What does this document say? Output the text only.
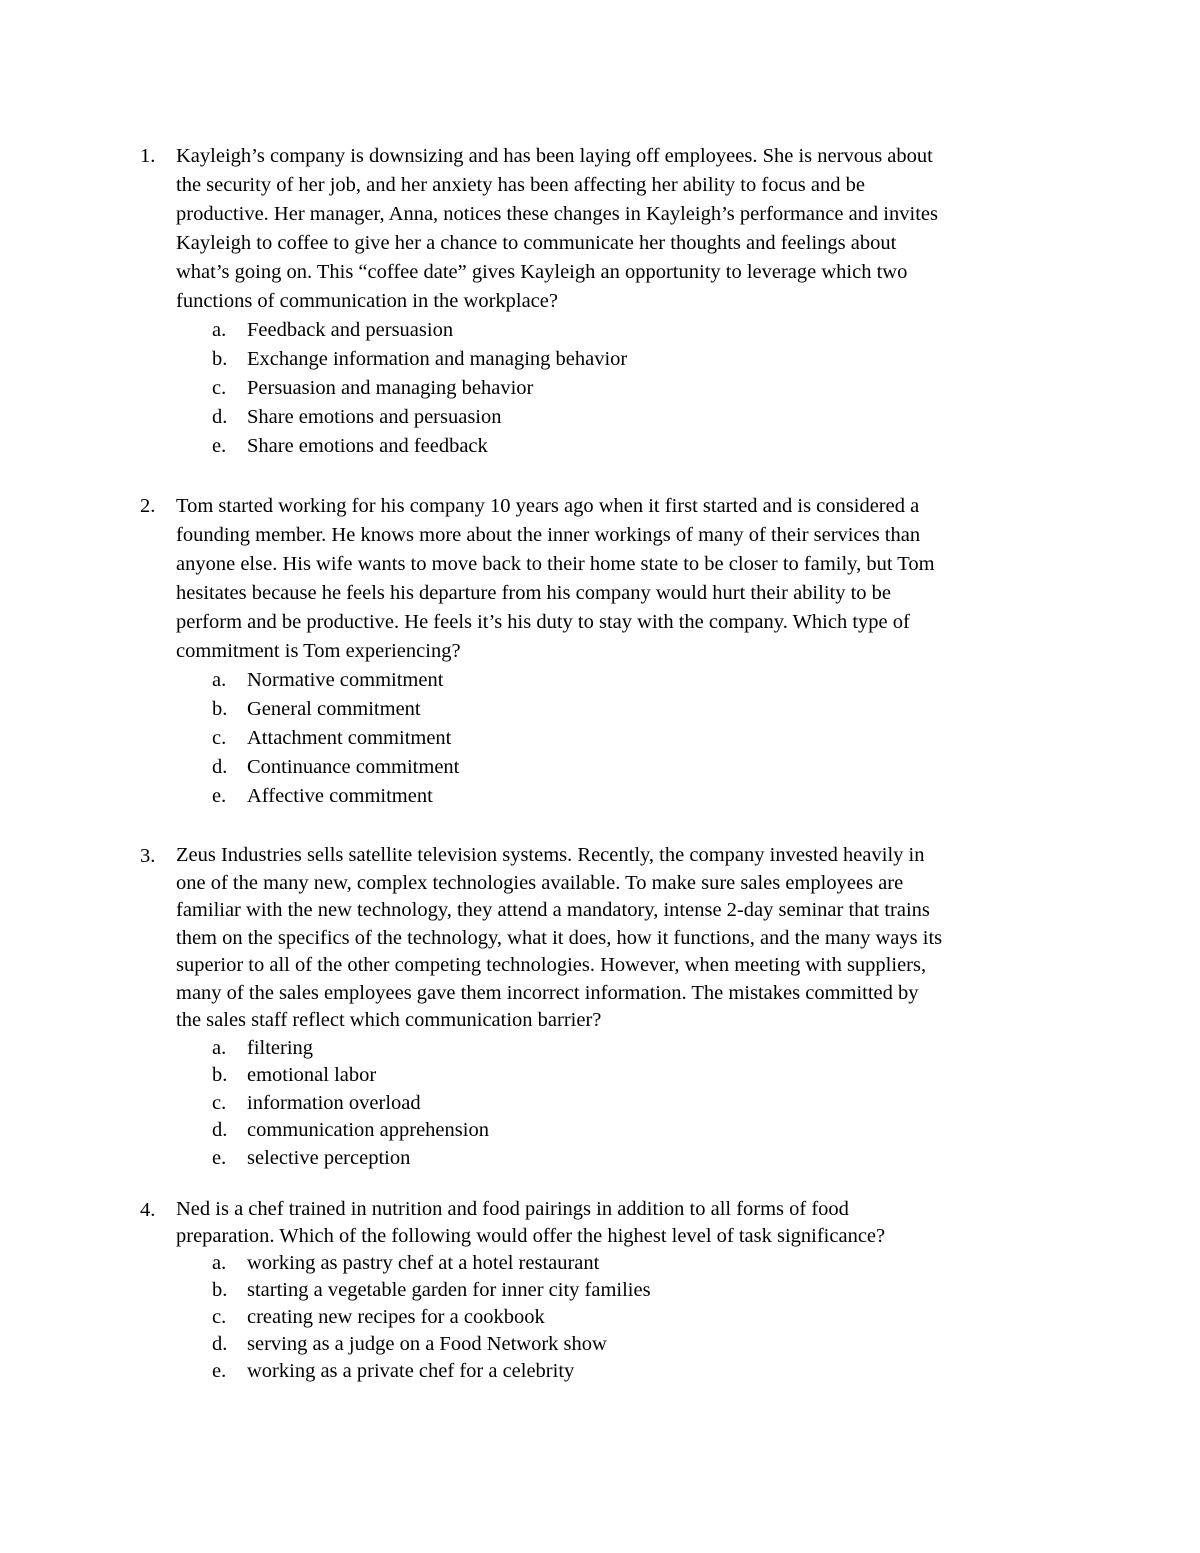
1.	Kayleigh’s company is downsizing and has been laying off employees. She is nervous about
the security of her job, and her anxiety has been affecting her ability to focus and be
productive. Her manager, Anna, notices these changes in Kayleigh’s performance and invites
Kayleigh to coffee to give her a chance to communicate her thoughts and feelings about
what’s going on. This “coffee date” gives Kayleigh an opportunity to leverage which two
functions of communication in the workplace?
a.	Feedback and persuasion
b. Exchange information and managing behavior
c.	Persuasion and managing behavior
d. Share emotions and persuasion
e.	Share emotions and feedback
2.	Tom started working for his company 10 years ago when it first started and is considered a
founding member. He knows more about the inner workings of many of their services than
anyone else. His wife wants to move back to their home state to be closer to family, but Tom
hesitates because he feels his departure from his company would hurt their ability to be
perform and be productive. He feels it’s his duty to stay with the company. Which type of
commitment is Tom experiencing?
a.	Normative commitment
b. General commitment
c.	Attachment commitment
d. Continuance commitment
e.	Affective commitment
3.	Zeus Industries sells satellite television systems. Recently, the company invested heavily in
one of the many new, complex technologies available. To make sure sales employees are
familiar with the new technology, they attend a mandatory, intense 2-day seminar that trains
them on the specifics of the technology, what it does, how it functions, and the many ways its
superior to all of the other competing technologies. However, when meeting with suppliers,
many of the sales employees gave them incorrect information. The mistakes committed by
the sales staff reflect which communication barrier?
a.	filtering
b. emotional labor
c.	information overload
d. communication apprehension
e.	selective perception
4.	Ned is a chef trained in nutrition and food pairings in addition to all forms of food
preparation. Which of the following would offer the highest level of task significance?
a.	working as pastry chef at a hotel restaurant
b. starting a vegetable garden for inner city families
c.	creating new recipes for a cookbook
d. serving as a judge on a Food Network show
e.	working as a private chef for a celebrity
